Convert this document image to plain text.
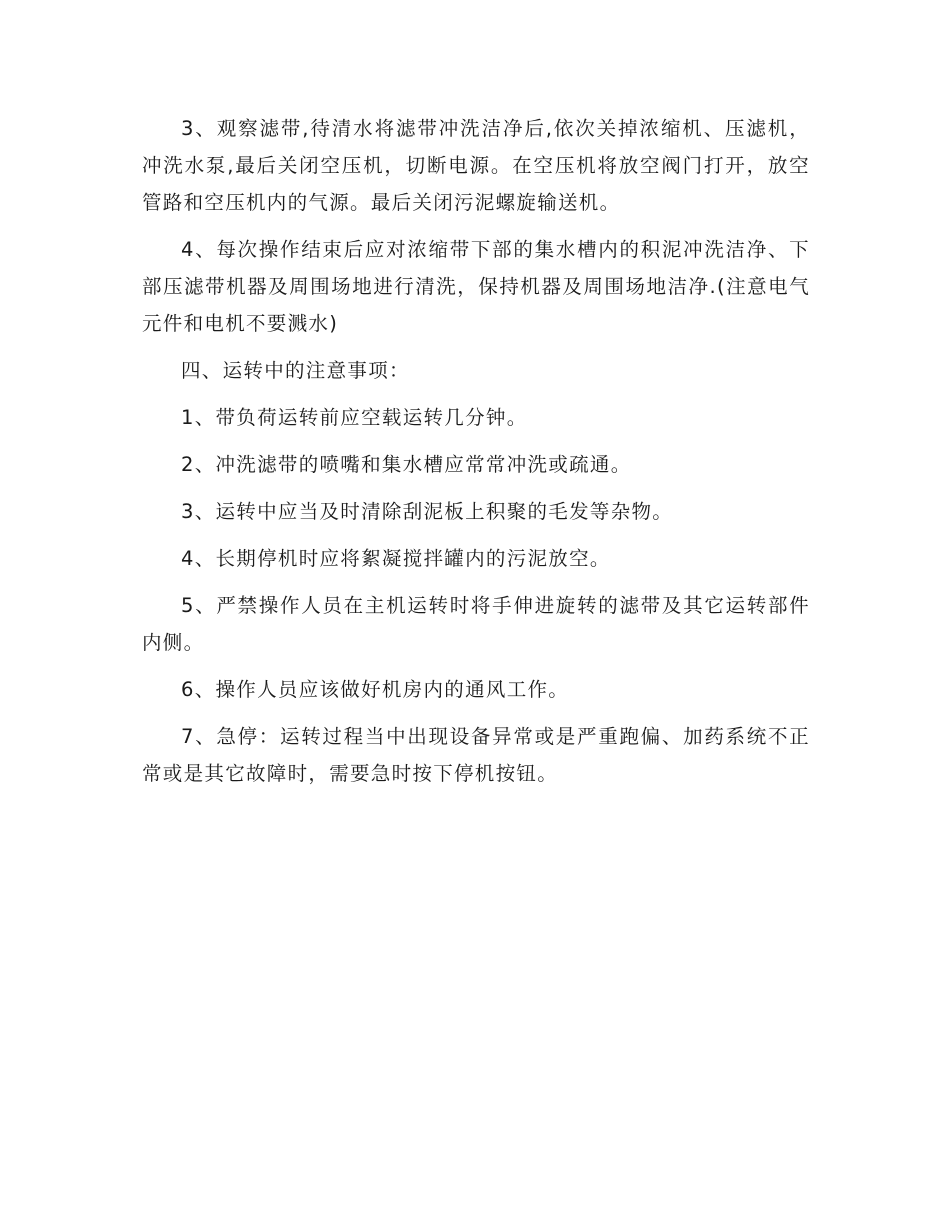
3、观察滤带,待清水将滤带冲洗洁净后,依次关掉浓缩机、压滤机，冲洗水泵,最后关闭空压机，切断电源。在空压机将放空阀门打开，放空管路和空压机内的气源。最后关闭污泥螺旋输送机。

4、每次操作结束后应对浓缩带下部的集水槽内的积泥冲洗洁净、下部压滤带机器及周围场地进行清洗，保持机器及周围场地洁净.(注意电气元件和电机不要溅水)

四、运转中的注意事项：

1、带负荷运转前应空载运转几分钟。

2、冲洗滤带的喷嘴和集水槽应常常冲洗或疏通。

3、运转中应当及时清除刮泥板上积聚的毛发等杂物。

4、长期停机时应将絮凝搅拌罐内的污泥放空。

5、严禁操作人员在主机运转时将手伸进旋转的滤带及其它运转部件内侧。

6、操作人员应该做好机房内的通风工作。

7、急停：运转过程当中出现设备异常或是严重跑偏、加药系统不正常或是其它故障时，需要急时按下停机按钮。
